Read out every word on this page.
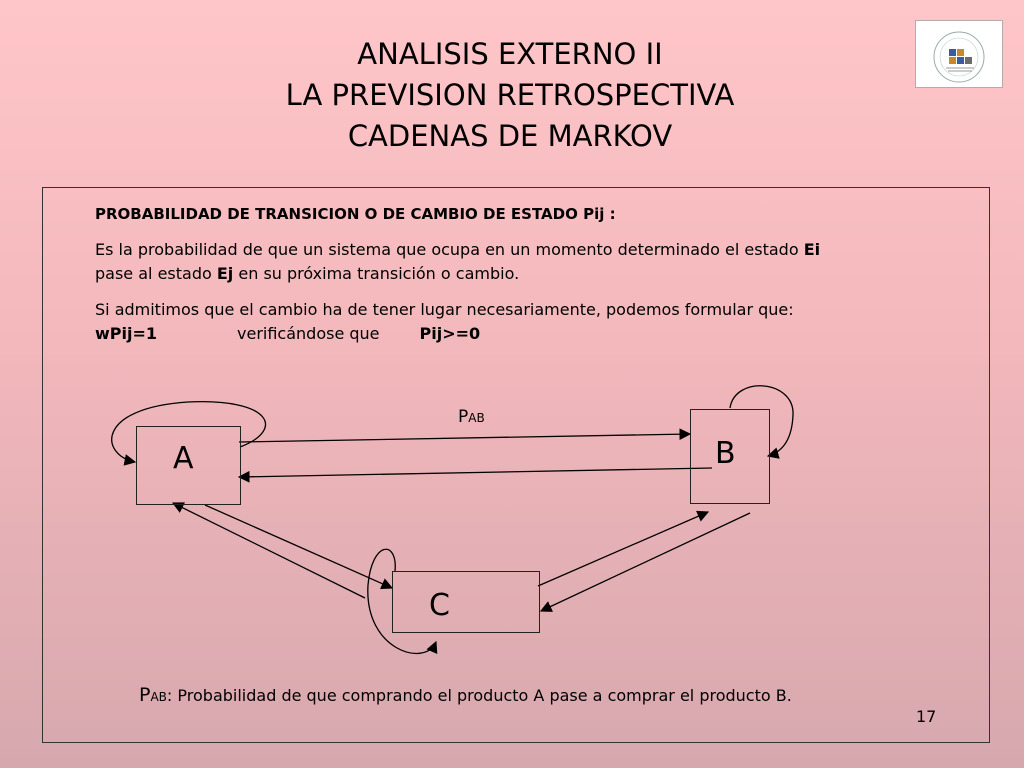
ANALISIS EXTERNO II
LA PREVISION RETROSPECTIVA
CADENAS DE MARKOV
PROBABILIDAD DE TRANSICION O DE CAMBIO DE ESTADO Pij :
Es la probabilidad de que un sistema que ocupa en un momento determinado el estado Ei pase al estado Ej en su próxima transición o cambio.
Si admitimos que el cambio ha de tener lugar necesariamente, podemos formular que:wPij=1	verificándose que	Pij>=0
A	B
C
PAB
PAB: Probabilidad de que comprando el producto A pase a comprar el producto B.
17
